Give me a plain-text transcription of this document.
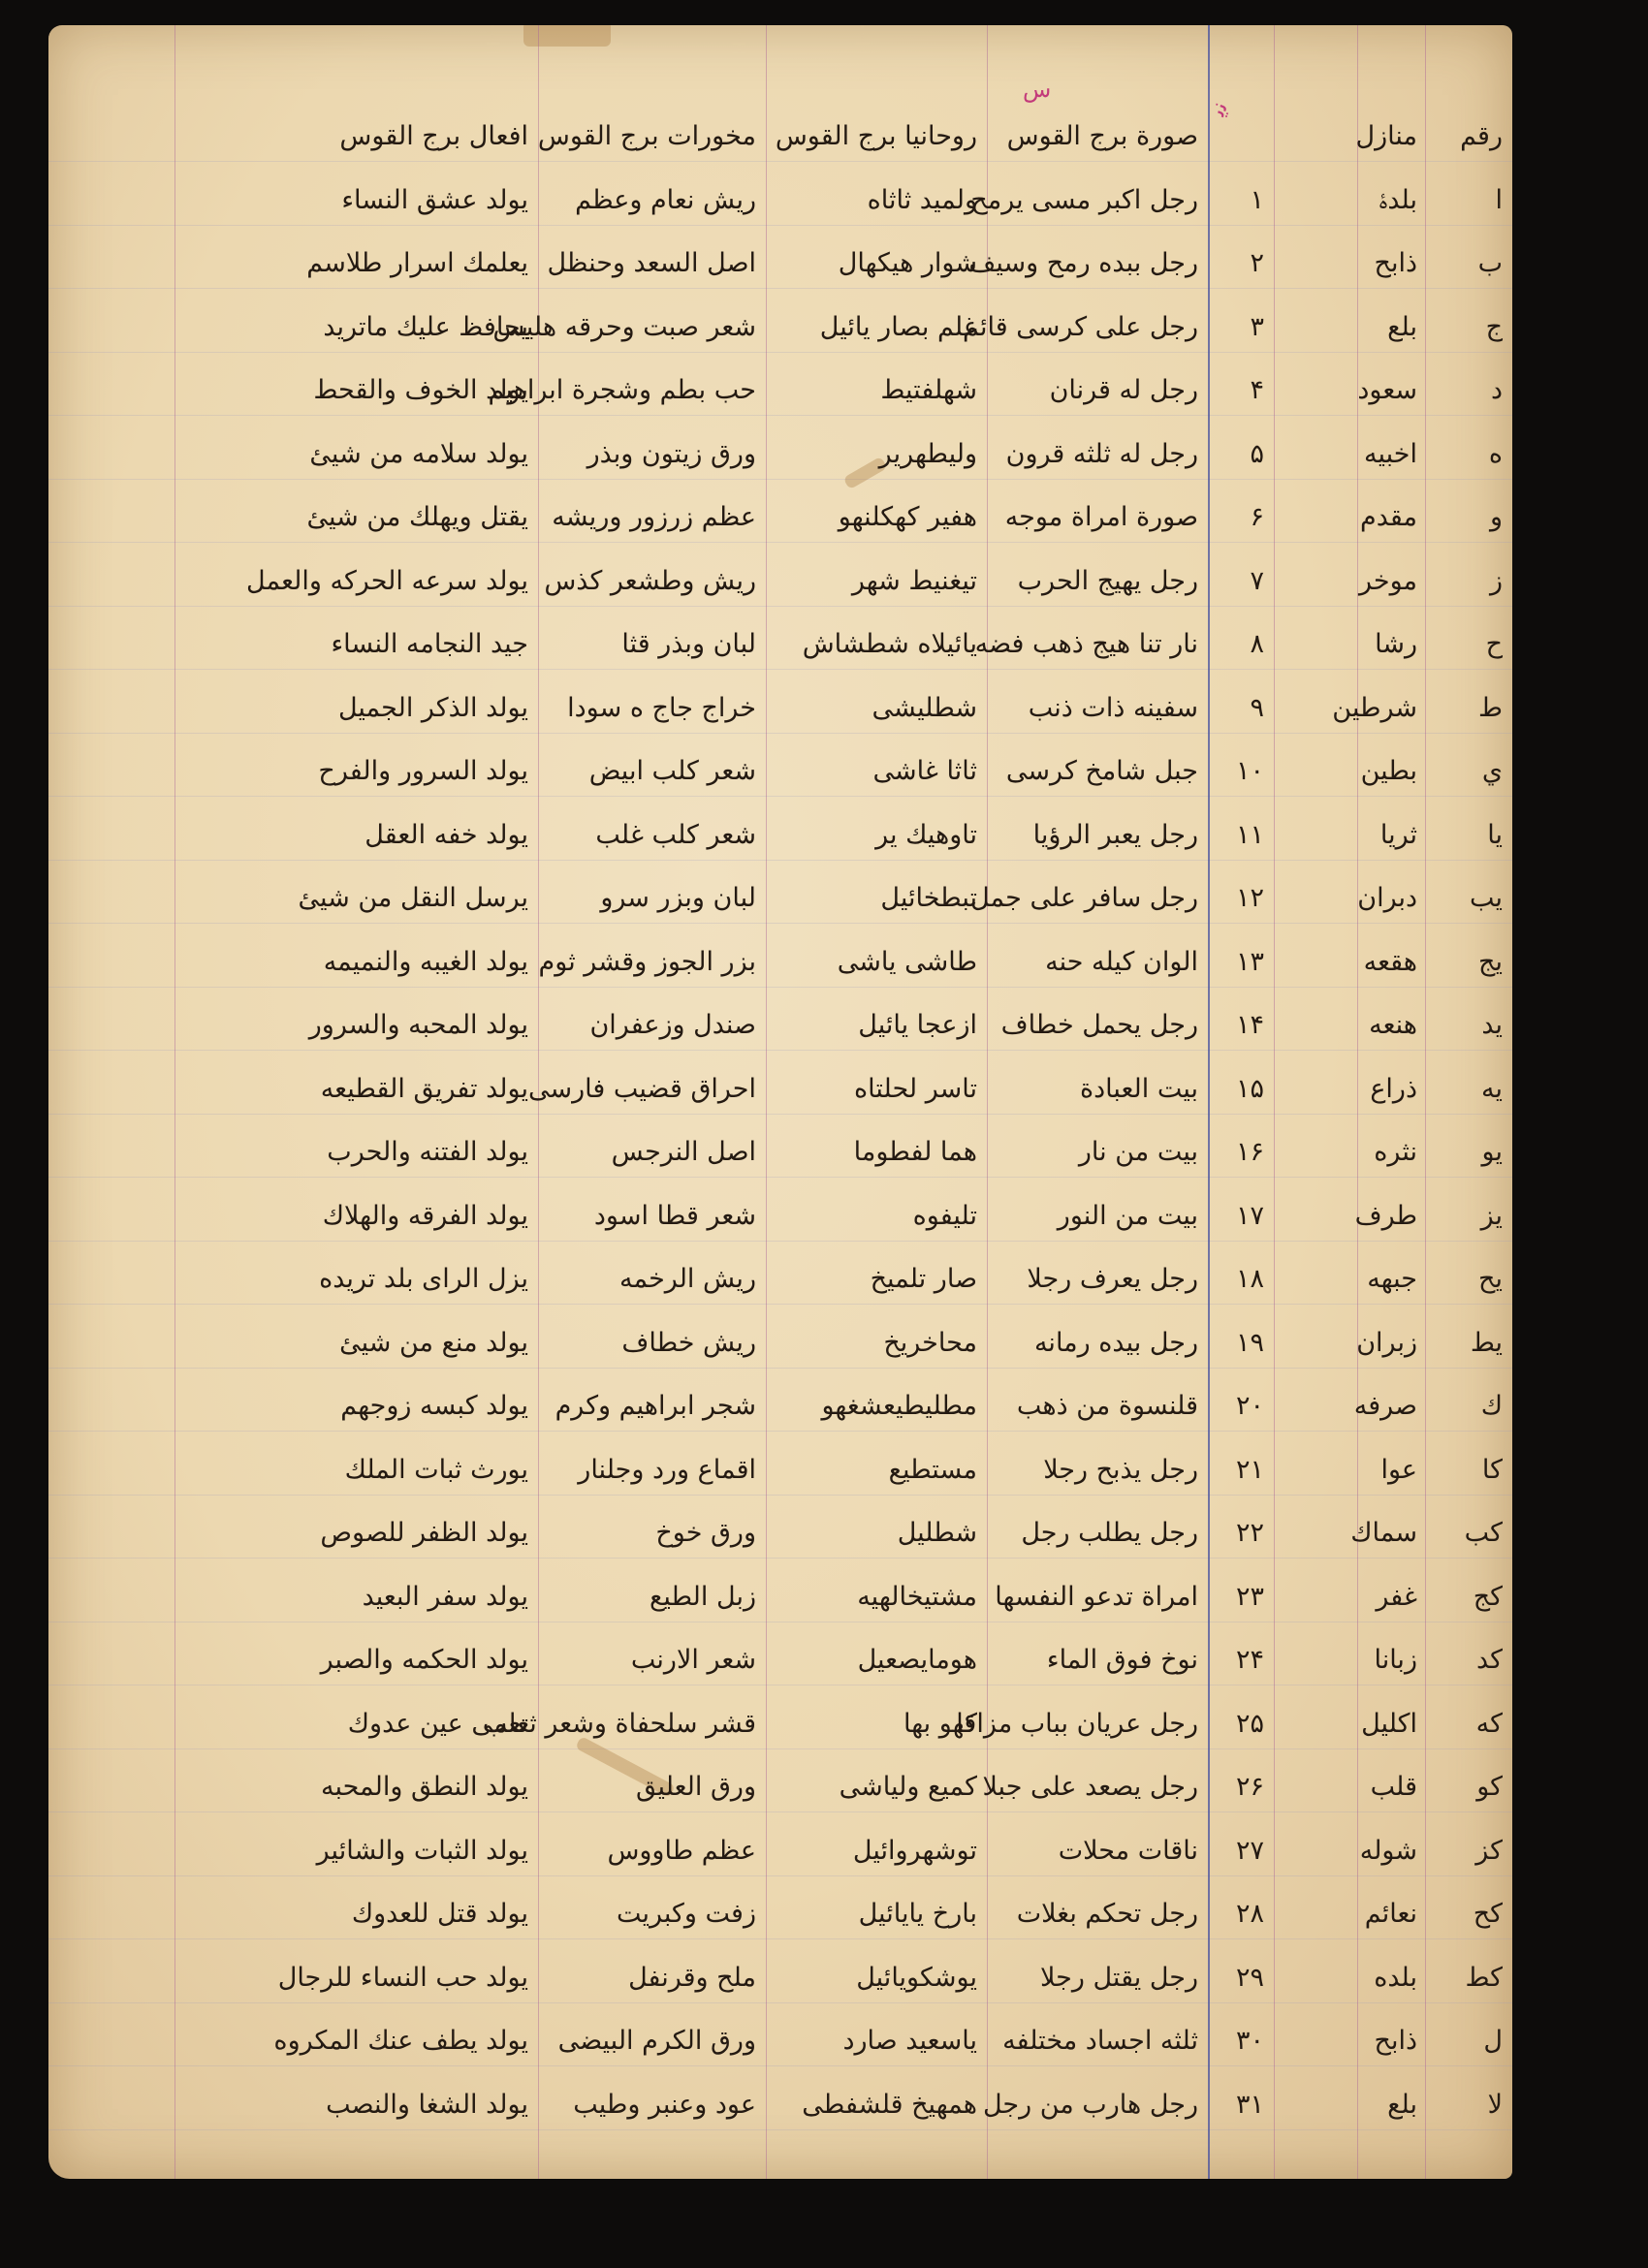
ﺱ
ﻧﯾ
ﺭﻗﻢ
ﺍ
ﺏ
ﺝ
ﺩ
ﻩ
ﻭ
ﺯ
ﺡ
ﻁ
ﻱ
ﻳﺎ
ﻳﺐ
ﻳﺞ
ﻳﺪ
ﻳﻪ
ﻳﻮ
ﻳﺰ
ﻳﺢ
ﻳﻂ
ﻙ
ﻛﺎ
ﻛﺐ
ﻛﺞ
ﻛﺪ
ﻛﻪ
ﻛﻮ
ﻛﺰ
ﻛﺢ
ﻛﻂ
ﻝ
ﻻ
ﻣﻨﺎﺯﻝ
ﺑﻠﺪﮤ
ﺫﺍﺑﺢ
ﺑﻠﻊ
ﺳﻌﻮﺩ
ﺍﺧﺒﻴﻪ
ﻣﻘﺪﻡ
ﻣﻮﺧﺮ
ﺭﺷﺎ
ﺷﺮﻃﻴﻦ
ﺑﻄﻴﻦ
ﺛﺮﻳﺎ
ﺩﺑﺮﺍﻥ
ﻫﻘﻌﻪ
ﻫﻨﻌﻪ
ﺫﺭﺍﻉ
ﻧﺜﺮﻩ
ﻃﺮﻑ
ﺟﺒﻬﻪ
ﺯﺑﺮﺍﻥ
ﺻﺮﻓﻪ
ﻋﻮﺍ
ﺳﻤﺎﻙ
ﻏﻔﺮ
ﺯﺑﺎﻧﺎ
ﺍﻛﻠﻴﻞ
ﻗﻠﺐ
ﺷﻮﻟﻪ
ﻧﻌﺎﺋﻢ
ﺑﻠﺪﻩ
ﺫﺍﺑﺢ
ﺑﻠﻊ
۱
۲
۳
۴
۵
۶
۷
۸
۹
۱۰
۱۱
۱۲
۱۳
۱۴
۱۵
۱۶
۱۷
۱۸
۱۹
۲۰
۲۱
۲۲
۲۳
۲۴
۲۵
۲۶
۲۷
۲۸
۲۹
۳۰
۳۱
ﺻﻮﺭﺓ ﺑﺮﺝ ﺍﻟﻘﻮﺱ
ﺭﺟﻞ ﺍﻛﺒﺮ ﻣﺴﻰ ﻳﺮﻣﺢ
ﺭﺟﻞ ﺑﺒﺪﻩ ﺭﻣﺢ ﻭﺳﻴﻒ
ﺭﺟﻞ ﻋﻠﻰ ﻛﺮﺳﻰ ﻗﺎﺋﻢ
ﺭﺟﻞ ﻟﻪ ﻗﺮﻧﺎﻥ
ﺭﺟﻞ ﻟﻪ ﺛﻠﺜﻪ ﻗﺮﻭﻥ
ﺻﻮﺭﺓ ﺍﻣﺮﺍﺓ ﻣﻮﺟﻪ
ﺭﺟﻞ ﻳﻬﻴﺞ ﺍﻟﺤﺮﺏ
ﻧﺎﺭ ﺗﻨﺎ ﻫﻴﺞ ﺫﻫﺐ ﻓﻀﻪ
ﺳﻔﻴﻨﻪ ﺫﺍﺕ ﺫﻧﺐ
ﺟﺒﻞ ﺷﺎﻣﺦ ﻛﺮﺳﻰ
ﺭﺟﻞ ﻳﻌﺒﺮ ﺍﻟﺮﺅﻳﺎ
ﺭﺟﻞ ﺳﺎﻓﺮ ﻋﻠﻰ ﺟﻤﻞ
ﺍﻟﻮﺍﻥ ﻛﻴﻠﻪ ﺣﻨﻪ
ﺭﺟﻞ ﻳﺤﻤﻞ ﺧﻄﺎﻑ
ﺑﻴﺖ ﺍﻟﻌﺒﺎﺩﺓ
ﺑﻴﺖ ﻣﻦ ﻧﺎﺭ
ﺑﻴﺖ ﻣﻦ ﺍﻟﻨﻮﺭ
ﺭﺟﻞ ﻳﻌﺮﻑ ﺭﺟﻼ
ﺭﺟﻞ ﺑﻴﺪﻩ ﺭﻣﺎﻧﻪ
ﻗﻠﻨﺴﻮﺓ ﻣﻦ ﺫﻫﺐ
ﺭﺟﻞ ﻳﺬﺑﺢ ﺭﺟﻼ
ﺭﺟﻞ ﻳﻄﻠﺐ ﺭﺟﻞ
ﺍﻣﺮﺍﺓ ﺗﺪﻋﻮ ﺍﻟﻨﻔﺴﻬﺎ
ﻧﻮﺥ ﻓﻮﻕ ﺍﻟﻤﺎﺀ
ﺭﺟﻞ ﻋﺮﻳﺎﻥ ﺑﺒﺎﺏ ﻣﺰﺍﻗﺎ
ﺭﺟﻞ ﻳﺼﻌﺪ ﻋﻠﻰ ﺟﺒﻼ
ﻧﺎﻗﺎﺕ ﻣﺤﻼﺕ
ﺭﺟﻞ ﺗﺤﻜﻢ ﺑﻐﻼﺕ
ﺭﺟﻞ ﻳﻘﺘﻞ ﺭﺟﻼ
ﺛﻠﺜﻪ ﺍﺟﺴﺎﺩ ﻣﺨﺘﻠﻔﻪ
ﺭﺟﻞ ﻫﺎﺭﺏ ﻣﻦ ﺭﺟﻞ
ﺭﻭﺣﺎﻧﻴﺎ ﺑﺮﺝ ﺍﻟﻘﻮﺱ
ﻭﻟﻤﻴﺪ ﺛﺎﺛﺎﻩ
ﺷﻮﺍﺭ ﻫﻴﻜﻬﺎﻝ
ﻏﻠﻢ ﺑﺼﺎﺭ ﻳﺎﺋﻴﻞ
ﺷﻬﻠﻔﺘﻴﻂ
ﻭﻟﻴﻄﻬﺮﻳﺮ
ﻫﻔﻴﺮ ﻛﻬﻜﻠﻨﻬﻮ
ﺗﻴﻐﻨﻴﻂ ﺷﻬﺮ
ﻳﺎﺋﻴﻼﻩ ﺷﻄﺸﺎﺵ
ﺷﻄﻠﻴﺸﻰ
ﺛﺎﺛﺎ ﻏﺎﺷﻰ
ﺗﺎﻭﻫﻴﻚ ﻳﺮ
ﺗﺒﻄﺨﺎﺋﻴﻞ
ﻃﺎﺷﻰ ﻳﺎﺷﻰ
ﺍﺯﻋﺠﺎ ﻳﺎﺋﻴﻞ
ﺗﺎﺳﺮ ﻟﺤﻠﺘﺎﻩ
ﻫﻤﺎ ﻟﻔﻄﻮﻣﺎ
ﺗﻠﻴﻔﻮﻩ
ﺻﺎﺭ ﺗﻠﻤﻴﺦ
ﻣﺤﺎﺧﺮﻳﺦ
ﻣﻄﻠﻴﻄﻴﻌﺸﻐﻬﻮ
ﻣﺴﺘﻄﻴﻊ
ﺷﻄﻠﻴﻞ
ﻣﺸﺘﻴﺨﺎﻟﻬﻴﻪ
ﻫﻮﻣﺎﻳﺼﻌﻴﻞ
ﻛﻬﻮ ﺑﻬﺎ
ﻛﻤﻴﻊ ﻭﻟﻴﺎﺷﻰ
ﺗﻮﺷﻬﺮﻭﺍﺋﻴﻞ
ﺑﺎﺭﺥ ﻳﺎﻳﺎﺋﻴﻞ
ﻳﻮﺷﻜﻮﻳﺎﺋﻴﻞ
ﻳﺎﺳﻌﻴﺪ ﺻﺎﺭﺩ
ﻫﻤﻬﻴﺦ ﻗﻠﺸﻔﻄﻰ
ﻣﺨﻮﺭﺍﺕ ﺑﺮﺝ ﺍﻟﻘﻮﺱ
ﺭﻳﺶ ﻧﻌﺎﻡ ﻭﻋﻈﻢ
ﺍﺻﻞ ﺍﻟﺴﻌﺪ ﻭﺣﻨﻈﻞ
ﺷﻌﺮ ﺻﺒﺖ ﻭﺣﺮﻗﻪ ﻫﻠﻴﺲ
ﺣﺐ ﺑﻄﻢ ﻭﺷﺠﺮﺓ ﺍﺑﺮﺍﻫﻴﻢ
ﻭﺭﻕ ﺯﻳﺘﻮﻥ ﻭﺑﺬﺭ
ﻋﻈﻢ ﺯﺭﺯﻭﺭ ﻭﺭﻳﺸﻪ
ﺭﻳﺶ ﻭﻃﺸﻌﺮ ﻛﺬﺱ
ﻟﺒﺎﻥ ﻭﺑﺬﺭ ﻗﺜﺎ
ﺧﺮﺍﺝ ﺟﺎﺝ ﻩ ﺳﻮﺩﺍ
ﺷﻌﺮ ﻛﻠﺐ ﺍﺑﻴﺾ
ﺷﻌﺮ ﻛﻠﺐ ﻏﻠﺐ
ﻟﺒﺎﻥ ﻭﺑﺰﺭ ﺳﺮﻭ
ﺑﺰﺭ ﺍﻟﺠﻮﺯ ﻭﻗﺸﺮ ﺛﻮﻡ
ﺻﻨﺪﻝ ﻭﺯﻋﻔﺮﺍﻥ
ﺍﺣﺮﺍﻕ ﻗﻀﻴﺐ ﻓﺎﺭﺳﻰ
ﺍﺻﻞ ﺍﻟﻨﺮﺟﺲ
ﺷﻌﺮ ﻗﻄﺎ ﺍﺳﻮﺩ
ﺭﻳﺶ ﺍﻟﺮﺧﻤﻪ
ﺭﻳﺶ ﺧﻄﺎﻑ
ﺷﺠﺮ ﺍﺑﺮﺍﻫﻴﻢ ﻭﻛﺮﻡ
ﺍﻗﻤﺎﻉ ﻭﺭﺩ ﻭﺟﻠﻨﺎﺭ
ﻭﺭﻕ ﺧﻮﺥ
ﺯﺑﻞ ﺍﻟﻄﻴﻊ
ﺷﻌﺮ ﺍﻻﺭﻧﺐ
ﻗﺸﺮ ﺳﻠﺤﻔﺎﺓ ﻭﺷﻌﺮ ﺛﻌﻠﺐ
ﻭﺭﻕ ﺍﻟﻌﻠﻴﻖ
ﻋﻈﻢ ﻃﺎﻭﻭﺱ
ﺯﻓﺖ ﻭﻛﺒﺮﻳﺖ
ﻣﻠﺢ ﻭﻗﺮﻧﻔﻞ
ﻭﺭﻕ ﺍﻟﻜﺮﻡ ﺍﻟﺒﻴﻀﻰ
ﻋﻮﺩ ﻭﻋﻨﺒﺮ ﻭﻃﻴﺐ
ﺍﻓﻌﺎﻝ ﺑﺮﺝ ﺍﻟﻘﻮﺱ
ﻳﻮﻟﺪ ﻋﺸﻖ ﺍﻟﻨﺴﺎﺀ
ﻳﻌﻠﻤﻚ ﺍﺳﺮﺍﺭ ﻃﻼﺳﻢ
ﻳﺤﺎﻓﻆ ﻋﻠﻴﻚ ﻣﺎﺗﺮﻳﺪ
ﻳﻮﻟﺪ ﺍﻟﺨﻮﻑ ﻭﺍﻟﻘﺤﻂ
ﻳﻮﻟﺪ ﺳﻼﻣﻪ ﻣﻦ ﺷﻴﺊ
ﻳﻘﺘﻞ ﻭﻳﻬﻠﻚ ﻣﻦ ﺷﻴﺊ
ﻳﻮﻟﺪ ﺳﺮﻋﻪ ﺍﻟﺤﺮﻛﻪ ﻭﺍﻟﻌﻤﻞ
ﺟﻴﺪ ﺍﻟﻨﺠﺎﻣﻪ ﺍﻟﻨﺴﺎﺀ
ﻳﻮﻟﺪ ﺍﻟﺬﻛﺮ ﺍﻟﺠﻤﻴﻞ
ﻳﻮﻟﺪ ﺍﻟﺴﺮﻭﺭ ﻭﺍﻟﻔﺮﺡ
ﻳﻮﻟﺪ ﺧﻔﻪ ﺍﻟﻌﻘﻞ
ﻳﺮﺳﻞ ﺍﻟﻨﻘﻞ ﻣﻦ ﺷﻴﺊ
ﻳﻮﻟﺪ ﺍﻟﻐﻴﺒﻪ ﻭﺍﻟﻨﻤﻴﻤﻪ
ﻳﻮﻟﺪ ﺍﻟﻤﺤﺒﻪ ﻭﺍﻟﺴﺮﻭﺭ
ﻳﻮﻟﺪ ﺗﻔﺮﻳﻖ ﺍﻟﻘﻄﻴﻌﻪ
ﻳﻮﻟﺪ ﺍﻟﻔﺘﻨﻪ ﻭﺍﻟﺤﺮﺏ
ﻳﻮﻟﺪ ﺍﻟﻔﺮﻗﻪ ﻭﺍﻟﻬﻼﻙ
ﻳﺰﻝ ﺍﻟﺮﺍﻯ ﺑﻠﺪ ﺗﺮﻳﺪﻩ
ﻳﻮﻟﺪ ﻣﻨﻊ ﻣﻦ ﺷﻴﺊ
ﻳﻮﻟﺪ ﻛﺒﺴﻪ ﺯﻭﺟﻬﻢ
ﻳﻮﺭﺙ ﺛﺒﺎﺕ ﺍﻟﻤﻠﻚ
ﻳﻮﻟﺪ ﺍﻟﻈﻔﺮ ﻟﻠﺼﻮﺹ
ﻳﻮﻟﺪ ﺳﻔﺮ ﺍﻟﺒﻌﻴﺪ
ﻳﻮﻟﺪ ﺍﻟﺤﻜﻤﻪ ﻭﺍﻟﺼﺒﺮ
ﺗﻌﻤﻰ ﻋﻴﻦ ﻋﺪﻭﻙ
ﻳﻮﻟﺪ ﺍﻟﻨﻄﻖ ﻭﺍﻟﻤﺤﺒﻪ
ﻳﻮﻟﺪ ﺍﻟﺜﺒﺎﺕ ﻭﺍﻟﺸﺎﺋﻴﺮ
ﻳﻮﻟﺪ ﻗﺘﻞ ﻟﻠﻌﺪﻭﻙ
ﻳﻮﻟﺪ ﺣﺐ ﺍﻟﻨﺴﺎﺀ ﻟﻠﺮﺟﺎﻝ
ﻳﻮﻟﺪ ﻳﻄﻒ ﻋﻨﻚ ﺍﻟﻤﻜﺮﻭﻩ
ﻳﻮﻟﺪ ﺍﻟﺸﻐﺎ ﻭﺍﻟﻨﺼﺐ
